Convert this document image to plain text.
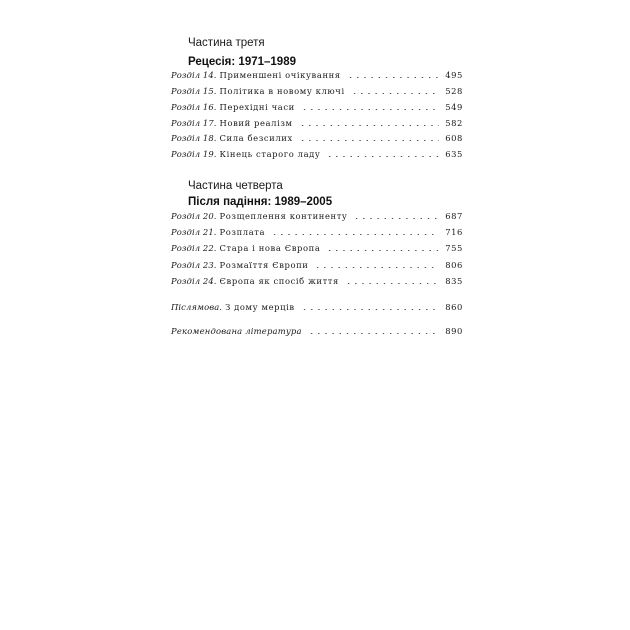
Частина третя
Рецесія: 1971–1989
Розділ 14. Применшені очікування	495
Розділ 15. Політика в новому ключі	528
Розділ 16. Перехідні часи	549
Розділ 17. Новий реалізм	582
Розділ 18. Сила безсилих	608
Розділ 19. Кінець старого ладу	635
Частина четверта
Після падіння: 1989–2005
Розділ 20. Розщеплення континенту	687
Розділ 21. Розплата	716
Розділ 22. Стара і нова Європа	755
Розділ 23. Розмаїття Європи	806
Розділ 24. Європа як спосіб життя	835
Післямова. З дому мерців	860
Рекомендована література	890
